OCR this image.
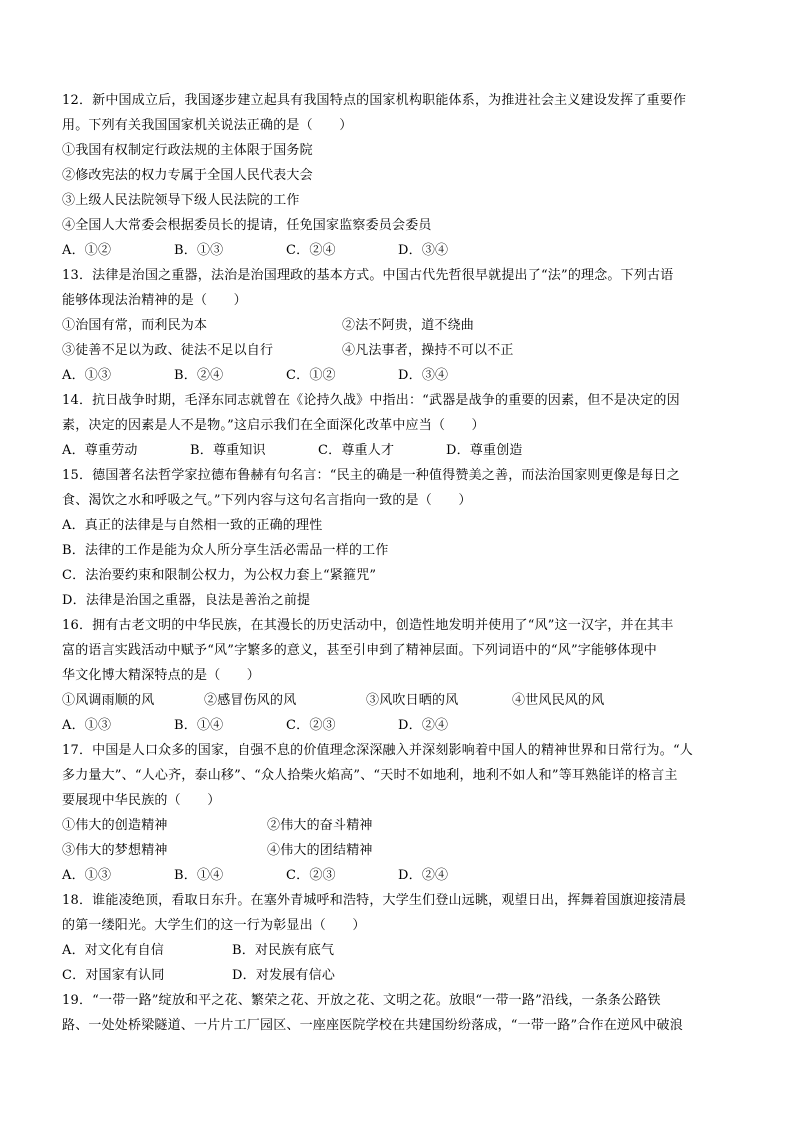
12．新中国成立后，我国逐步建立起具有我国特点的国家机构职能体系，为推进社会主义建设发挥了重要作
用。下列有关我国国家机关说法正确的是（　　）
①我国有权制定行政法规的主体限于国务院
②修改宪法的权力专属于全国人民代表大会
③上级人民法院领导下级人民法院的工作
④全国人大常委会根据委员长的提请，任免国家监察委员会委员
A．①②	B．①③	C．②④	D．③④
13．法律是治国之重器，法治是治国理政的基本方式。中国古代先哲很早就提出了“法”的理念。下列古语
能够体现法治精神的是（　　）
①治国有常，而利民为本	②法不阿贵，道不绕曲
③徒善不足以为政、徒法不足以自行	④凡法事者，操持不可以不正
A．①③	B．②④	C．①②	D．③④
14．抗日战争时期，毛泽东同志就曾在《论持久战》中指出：“武器是战争的重要的因素，但不是决定的因
素，决定的因素是人不是物。”这启示我们在全面深化改革中应当（　　）
A．尊重劳动	B．尊重知识	C．尊重人才	D．尊重创造
15．德国著名法哲学家拉德布鲁赫有句名言：“民主的确是一种值得赞美之善，而法治国家则更像是每日之
食、渴饮之水和呼吸之气。”下列内容与这句名言指向一致的是（　　）
A．真正的法律是与自然相一致的正确的理性
B．法律的工作是能为众人所分享生活必需品一样的工作
C．法治要约束和限制公权力，为公权力套上“紧箍咒”
D．法律是治国之重器，良法是善治之前提
16．拥有古老文明的中华民族，在其漫长的历史活动中，创造性地发明并使用了“风”这一汉字，并在其丰
富的语言实践活动中赋予“风”字繁多的意义，甚至引申到了精神层面。下列词语中的“风”字能够体现中
华文化博大精深特点的是（　　）
①风调雨顺的风	②感冒伤风的风	③风吹日晒的风	④世风民风的风
A．①③	B．①④	C．②③	D．②④
17．中国是人口众多的国家，自强不息的价值理念深深融入并深刻影响着中国人的精神世界和日常行为。“人
多力量大”、“人心齐，泰山移”、“众人拾柴火焰高”、“天时不如地利，地利不如人和”等耳熟能详的格言主
要展现中华民族的（　　）
①伟大的创造精神	②伟大的奋斗精神
③伟大的梦想精神	④伟大的团结精神
A．①③	B．①④	C．②③	D．②④
18．谁能凌绝顶，看取日东升。在塞外青城呼和浩特，大学生们登山远眺，观望日出，挥舞着国旗迎接清晨
的第一缕阳光。大学生们的这一行为彰显出（　　）
A．对文化有自信	B．对民族有底气
C．对国家有认同	D．对发展有信心
19．“一带一路”绽放和平之花、繁荣之花、开放之花、文明之花。放眼“一带一路”沿线，一条条公路铁
路、一处处桥梁隧道、一片片工厂园区、一座座医院学校在共建国纷纷落成，“一带一路”合作在逆风中破浪
